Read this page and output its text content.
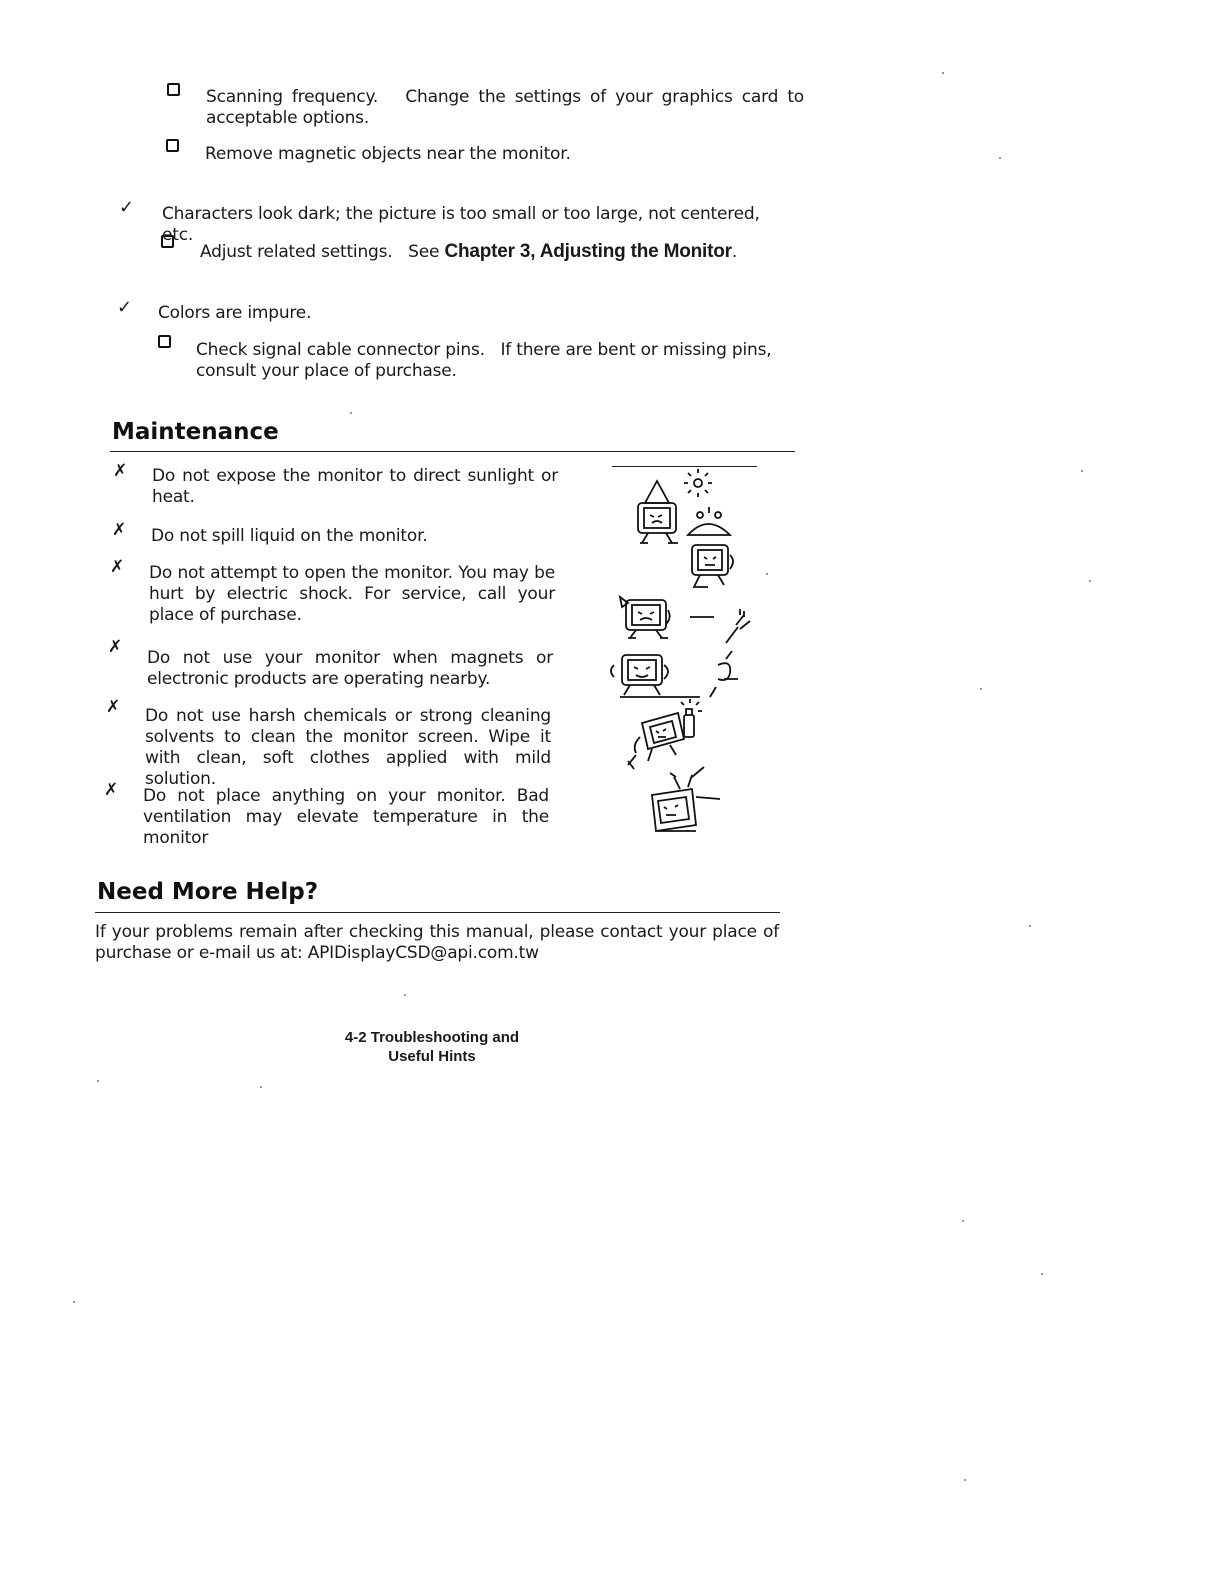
Scanning frequency. Change the settings of your graphics card to acceptable options.
Remove magnetic objects near the monitor.
✓ Characters look dark; the picture is too small or too large, not centered, etc.
Adjust related settings. See Chapter 3, Adjusting the Monitor.
✓ Colors are impure.
Check signal cable connector pins. If there are bent or missing pins, consult your place of purchase.
Maintenance
✗ Do not expose the monitor to direct sunlight or heat.
✗ Do not spill liquid on the monitor.
✗ Do not attempt to open the monitor. You may be hurt by electric shock. For service, call your place of purchase.
✗
Do not use your monitor when magnets or electronic products are operating nearby.
✗ Do not use harsh chemicals or strong cleaning solvents to clean the monitor screen. Wipe it with clean, soft clothes applied with mild solution.
✗ Do not place anything on your monitor. Bad ventilation may elevate temperature in the monitor
Need More Help?
If your problems remain after checking this manual, please contact your place of purchase or e-mail us at: APIDisplayCSD@api.com.tw
4-2 Troubleshooting and
Useful Hints
